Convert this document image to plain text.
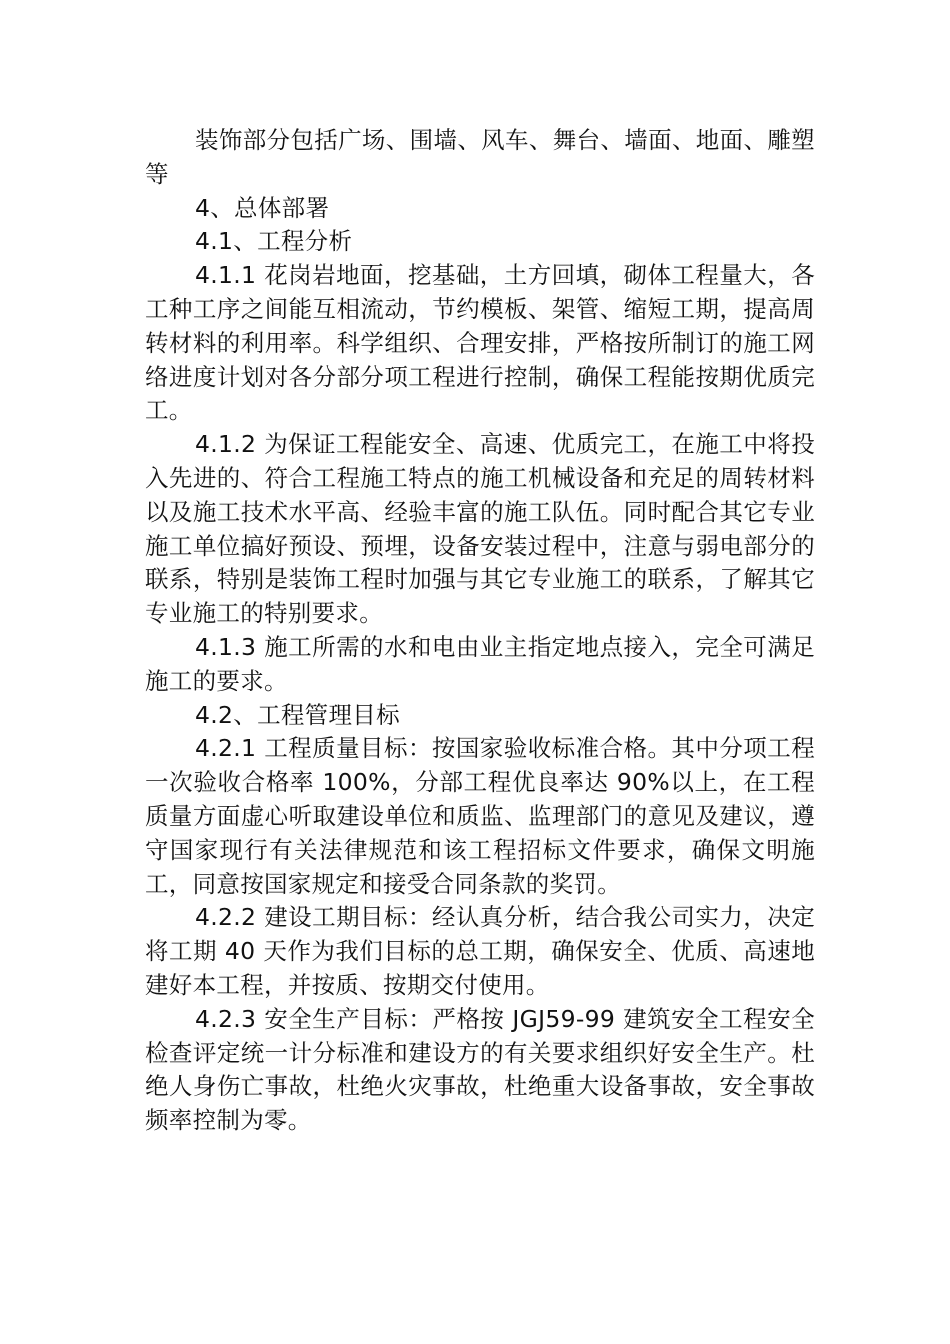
装饰部分包括广场、围墙、风车、舞台、墙面、地面、雕塑等

4、总体部署

4.1、工程分析

4.1.1 花岗岩地面，挖基础，土方回填，砌体工程量大，各工种工序之间能互相流动，节约模板、架管、缩短工期，提高周转材料的利用率。科学组织、合理安排，严格按所制订的施工网络进度计划对各分部分项工程进行控制，确保工程能按期优质完工。

4.1.2 为保证工程能安全、高速、优质完工，在施工中将投入先进的、符合工程施工特点的施工机械设备和充足的周转材料以及施工技术水平高、经验丰富的施工队伍。同时配合其它专业施工单位搞好预设、预埋，设备安装过程中，注意与弱电部分的联系，特别是装饰工程时加强与其它专业施工的联系，了解其它专业施工的特别要求。

4.1.3 施工所需的水和电由业主指定地点接入，完全可满足施工的要求。

4.2、工程管理目标

4.2.1 工程质量目标：按国家验收标准合格。其中分项工程一次验收合格率 100%，分部工程优良率达 90%以上，在工程质量方面虚心听取建设单位和质监、监理部门的意见及建议，遵守国家现行有关法律规范和该工程招标文件要求，确保文明施工，同意按国家规定和接受合同条款的奖罚。

4.2.2 建设工期目标：经认真分析，结合我公司实力，决定将工期 40 天作为我们目标的总工期，确保安全、优质、高速地建好本工程，并按质、按期交付使用。

4.2.3 安全生产目标：严格按 JGJ59-99 建筑安全工程安全检查评定统一计分标准和建设方的有关要求组织好安全生产。杜绝人身伤亡事故，杜绝火灾事故，杜绝重大设备事故，安全事故频率控制为零。
